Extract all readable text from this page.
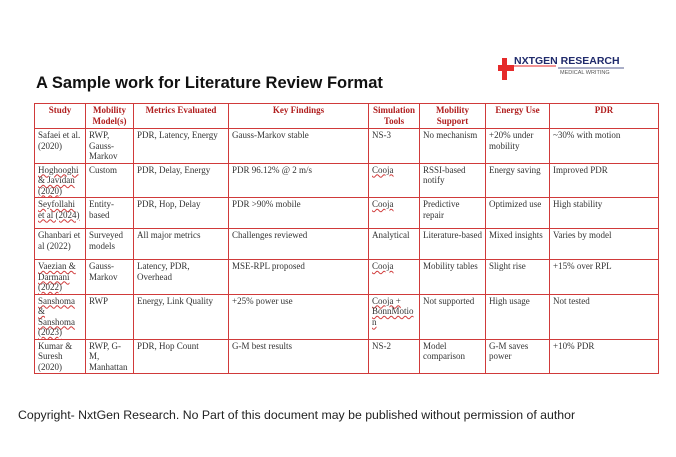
NXTGEN RESEARCH
MEDICAL WRITING
A Sample work for Literature Review Format
Study	Mobility Model(s)	Metrics Evaluated	Key Findings	Simulation Tools	Mobility Support	Energy Use	PDR
Safaei et al. (2020)	RWP, Gauss-Markov	PDR, Latency, Energy	Gauss-Markov stable	NS-3	No mechanism	+20% under mobility	~30% with motion
Hoghooghi & Javidan (2020)	Custom	PDR, Delay, Energy	PDR 96.12% @ 2 m/s	Cooja	RSSI-based notify	Energy saving	Improved PDR
Seyfollahi et al (2024)	Entity-based	PDR, Hop, Delay	PDR >90% mobile	Cooja	Predictive repair	Optimized use	High stability
Ghanbari et al (2022)	Surveyed models	All major metrics	Challenges reviewed	Analytical	Literature-based	Mixed insights	Varies by model
Vaezian & Darmani (2022)	Gauss-Markov	Latency, PDR, Overhead	MSE-RPL proposed	Cooja	Mobility tables	Slight rise	+15% over RPL
Sanshoma & Sanshoma (2023)	RWP	Energy, Link Quality	+25% power use	Cooja + BonnMotion	Not supported	High usage	Not tested
Kumar & Suresh (2020)	RWP, G-M, Manhattan	PDR, Hop Count	G-M best results	NS-2	Model comparison	G-M saves power	+10% PDR
Copyright- NxtGen Research. No Part of this document may be published without permission of author
